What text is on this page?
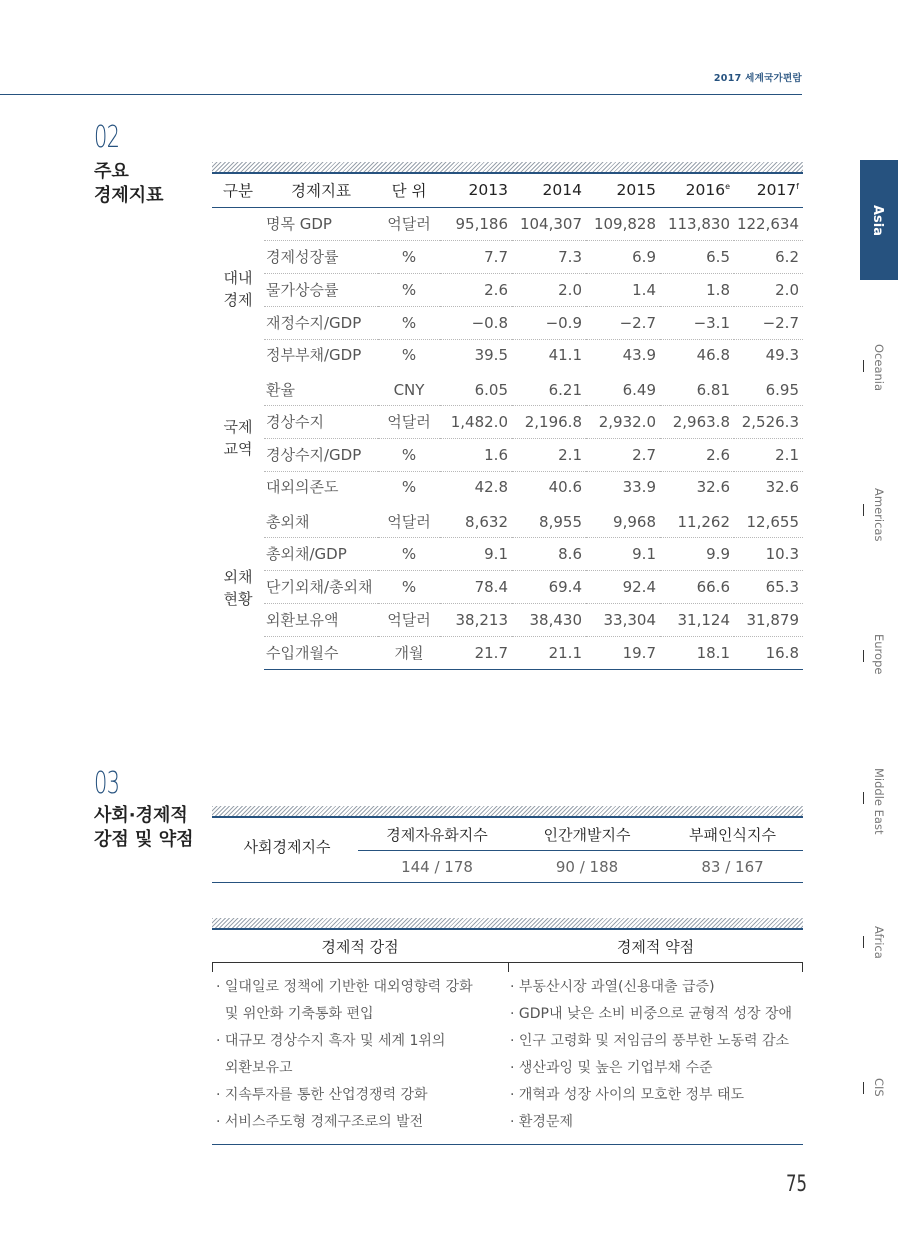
2017 세계국가편람
02
주요
경제지표	구분	경제지표	단 위	2013	2014	2015	2016e	2017$^f$

대내
경제	명목 GDP	억달러	95,186	104,307	109,828	113,830	122,634
	경제성장률	%	7.7	7.3	6.9	6.5	6.2
	물가상승률	%	2.6	2.0	1.4	1.8	2.0
	재정수지/GDP	%	−0.8	−0.9	−2.7	−3.1	−2.7
	정부부채/GDP	%	39.5	41.1	43.9	46.8	49.3

국제
교역	환율	CNY	6.05	6.21	6.49	6.81	6.95
	경상수지	억달러	1,482.0	2,196.8	2,932.0	2,963.8	2,526.3
	경상수지/GDP	%	1.6	2.1	2.7	2.6	2.1
	대외의존도	%	42.8	40.6	33.9	32.6	32.6

외채
현황	총외채	억달러	8,632	8,955	9,968	11,262	12,655
	총외채/GDP	%	9.1	8.6	9.1	9.9	10.3
	단기외채/총외채	%	78.4	69.4	92.4	66.6	65.3
	외환보유액	억달러	38,213	38,430	33,304	31,124	31,879
	수입개월수	개월	21.7	21.1	19.7	18.1	16.8
Asia
Oceania
Americas
Europe
Middle East
Africa
CIS
03
사회·경제적
강점 및 약점	사회경제지수
경제자유화지수	인간개발지수	부패인식지수
144 / 178	90 / 188	83 / 167
경제적 강점	경제적 약점
· 일대일로 정책에 기반한 대외영향력 강화
및 위안화 기축통화 편입
· 대규모 경상수지 흑자 및 세계 1위의
외환보유고
· 지속투자를 통한 산업경쟁력 강화
· 서비스주도형 경제구조로의 발전
· 부동산시장 과열(신용대출 급증)
· GDP내 낮은 소비 비중으로 균형적 성장 장애
· 인구 고령화 및 저임금의 풍부한 노동력 감소
· 생산과잉 및 높은 기업부채 수준
· 개혁과 성장 사이의 모호한 정부 태도
· 환경문제
75
